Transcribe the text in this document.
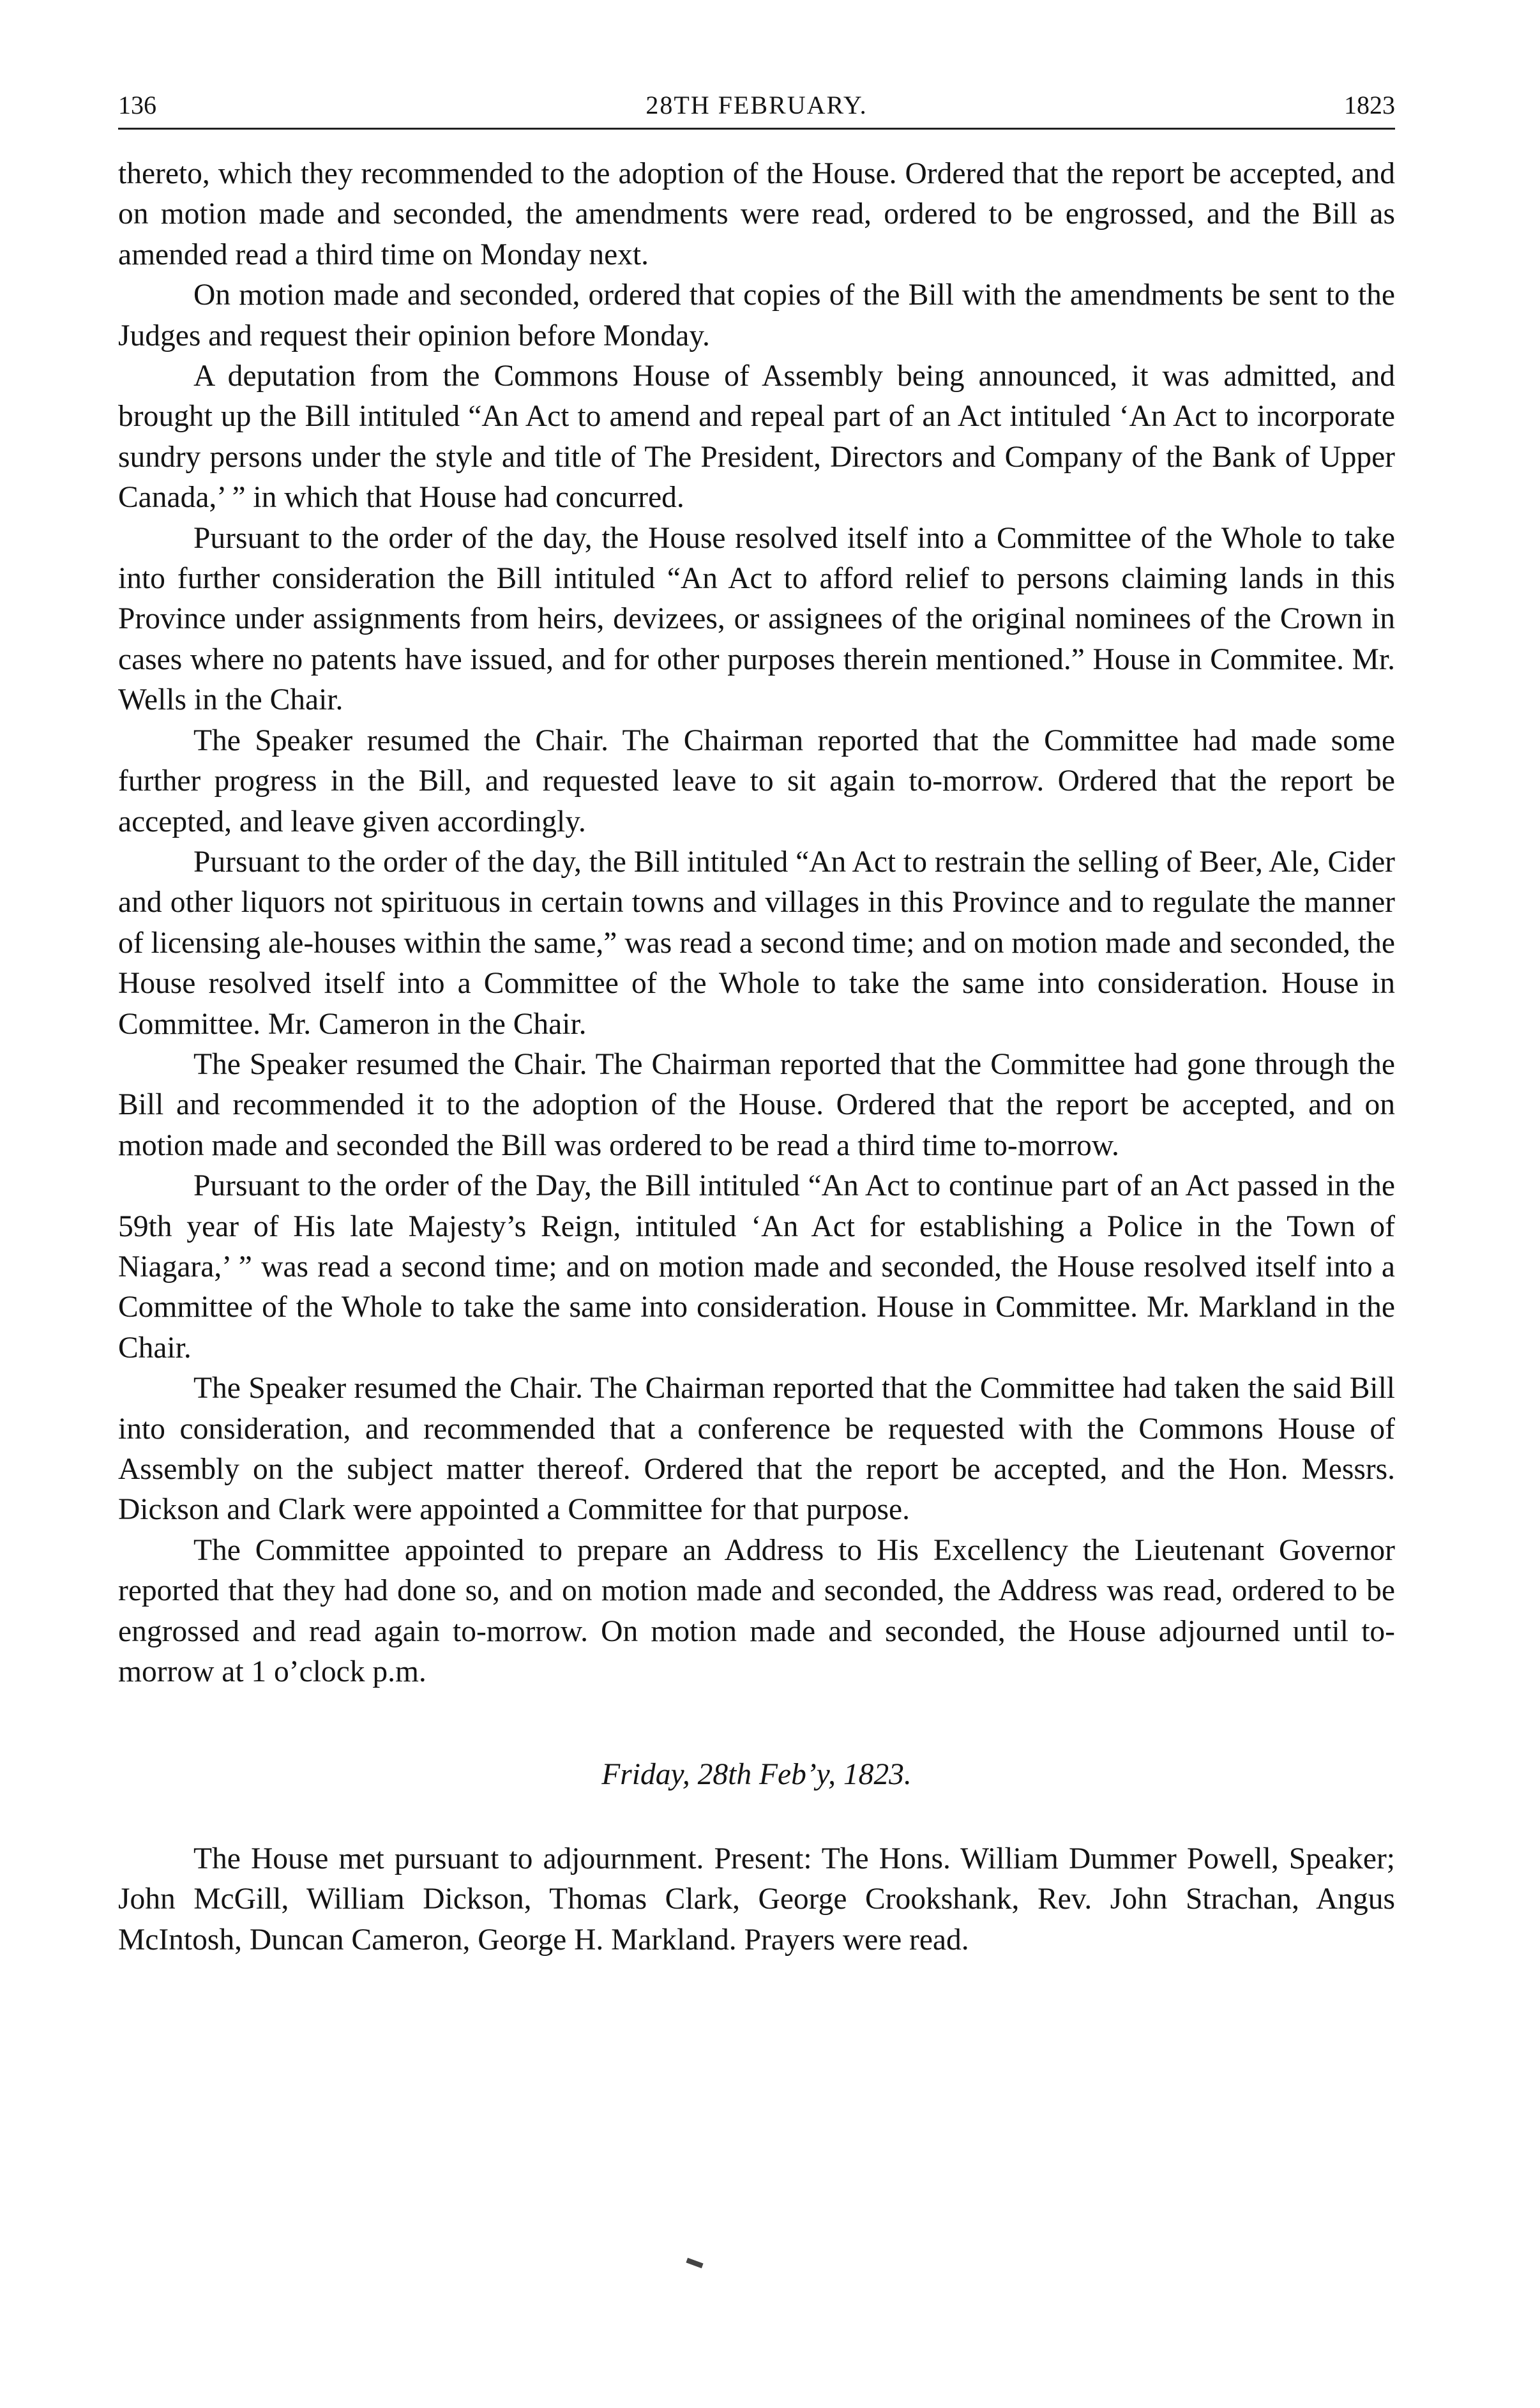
136	28TH FEBRUARY.	1823

thereto, which they recommended to the adoption of the House. Ordered that the report be accepted, and on motion made and seconded, the amendments were read, ordered to be engrossed, and the Bill as amended read a third time on Monday next.

On motion made and seconded, ordered that copies of the Bill with the amendments be sent to the Judges and request their opinion before Monday.

A deputation from the Commons House of Assembly being announced, it was admitted, and brought up the Bill intituled “An Act to amend and repeal part of an Act intituled ‘An Act to incorporate sundry persons under the style and title of The President, Directors and Company of the Bank of Upper Canada,’ ” in which that House had concurred.

Pursuant to the order of the day, the House resolved itself into a Committee of the Whole to take into further consideration the Bill intituled “An Act to afford relief to persons claiming lands in this Province under assignments from heirs, devizees, or assignees of the original nominees of the Crown in cases where no patents have issued, and for other purposes therein mentioned.” House in Commitee. Mr. Wells in the Chair.

The Speaker resumed the Chair. The Chairman reported that the Committee had made some further progress in the Bill, and requested leave to sit again to-morrow. Ordered that the report be accepted, and leave given accordingly.

Pursuant to the order of the day, the Bill intituled “An Act to restrain the selling of Beer, Ale, Cider and other liquors not spirituous in certain towns and villages in this Province and to regulate the manner of licensing ale-houses within the same,” was read a second time; and on motion made and seconded, the House resolved itself into a Committee of the Whole to take the same into consideration. House in Committee. Mr. Cameron in the Chair.

The Speaker resumed the Chair. The Chairman reported that the Committee had gone through the Bill and recommended it to the adoption of the House. Ordered that the report be accepted, and on motion made and seconded the Bill was ordered to be read a third time to-morrow.

Pursuant to the order of the Day, the Bill intituled “An Act to continue part of an Act passed in the 59th year of His late Majesty’s Reign, intituled ‘An Act for establishing a Police in the Town of Niagara,’ ” was read a second time; and on motion made and seconded, the House resolved itself into a Committee of the Whole to take the same into consideration. House in Committee. Mr. Markland in the Chair.

The Speaker resumed the Chair. The Chairman reported that the Committee had taken the said Bill into consideration, and recommended that a conference be requested with the Commons House of Assembly on the subject matter thereof. Ordered that the report be accepted, and the Hon. Messrs. Dickson and Clark were appointed a Committee for that purpose.

The Committee appointed to prepare an Address to His Excellency the Lieutenant Governor reported that they had done so, and on motion made and seconded, the Address was read, ordered to be engrossed and read again to-morrow. On motion made and seconded, the House adjourned until to-morrow at 1 o’clock p.m.

Friday, 28th Feb’y, 1823.

The House met pursuant to adjournment. Present: The Hons. William Dummer Powell, Speaker; John McGill, William Dickson, Thomas Clark, George Crookshank, Rev. John Strachan, Angus McIntosh, Duncan Cameron, George H. Markland. Prayers were read.
